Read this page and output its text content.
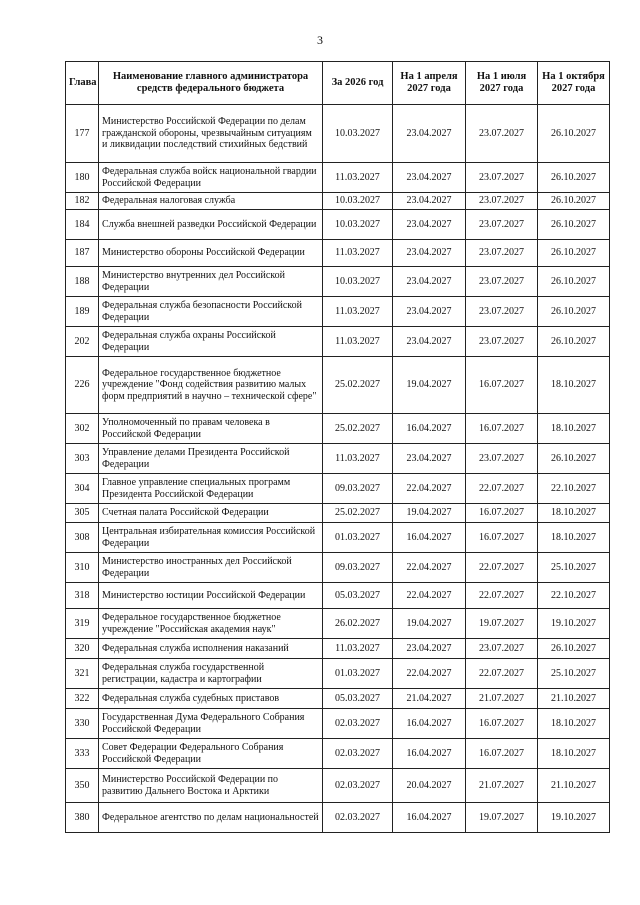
3
Глава	Наименование главного администратора средств федерального бюджета	За 2026 год	На 1 апреля 2027 года	На 1 июля 2027 года	На 1 октября 2027 года
177	Министерство Российской Федерации по делам гражданской обороны, чрезвычайным ситуациям и ликвидации последствий стихийных бедствий	10.03.2027	23.04.2027	23.07.2027	26.10.2027
180	Федеральная служба войск национальной гвардии Российской Федерации	11.03.2027	23.04.2027	23.07.2027	26.10.2027
182	Федеральная налоговая служба	10.03.2027	23.04.2027	23.07.2027	26.10.2027
184	Служба внешней разведки Российской Федерации	10.03.2027	23.04.2027	23.07.2027	26.10.2027
187	Министерство обороны Российской Федерации	11.03.2027	23.04.2027	23.07.2027	26.10.2027
188	Министерство внутренних дел Российской Федерации	10.03.2027	23.04.2027	23.07.2027	26.10.2027
189	Федеральная служба безопасности Российской Федерации	11.03.2027	23.04.2027	23.07.2027	26.10.2027
202	Федеральная служба охраны Российской Федерации	11.03.2027	23.04.2027	23.07.2027	26.10.2027
226	Федеральное государственное бюджетное учреждение "Фонд содействия развитию малых форм предприятий в научно – технической сфере"	25.02.2027	19.04.2027	16.07.2027	18.10.2027
302	Уполномоченный по правам человека в Российской Федерации	25.02.2027	16.04.2027	16.07.2027	18.10.2027
303	Управление делами Президента Российской Федерации	11.03.2027	23.04.2027	23.07.2027	26.10.2027
304	Главное управление специальных программ Президента Российской Федерации	09.03.2027	22.04.2027	22.07.2027	22.10.2027
305	Счетная палата Российской Федерации	25.02.2027	19.04.2027	16.07.2027	18.10.2027
308	Центральная избирательная комиссия Российской Федерации	01.03.2027	16.04.2027	16.07.2027	18.10.2027
310	Министерство иностранных дел Российской Федерации	09.03.2027	22.04.2027	22.07.2027	25.10.2027
318	Министерство юстиции Российской Федерации	05.03.2027	22.04.2027	22.07.2027	22.10.2027
319	Федеральное государственное бюджетное учреждение "Российская академия наук"	26.02.2027	19.04.2027	19.07.2027	19.10.2027
320	Федеральная служба исполнения наказаний	11.03.2027	23.04.2027	23.07.2027	26.10.2027
321	Федеральная служба государственной регистрации, кадастра и картографии	01.03.2027	22.04.2027	22.07.2027	25.10.2027
322	Федеральная служба судебных приставов	05.03.2027	21.04.2027	21.07.2027	21.10.2027
330	Государственная Дума Федерального Собрания Российской Федерации	02.03.2027	16.04.2027	16.07.2027	18.10.2027
333	Совет Федерации Федерального Собрания Российской Федерации	02.03.2027	16.04.2027	16.07.2027	18.10.2027
350	Министерство Российской Федерации по развитию Дальнего Востока и Арктики	02.03.2027	20.04.2027	21.07.2027	21.10.2027
380	Федеральное агентство по делам национальностей	02.03.2027	16.04.2027	19.07.2027	19.10.2027
